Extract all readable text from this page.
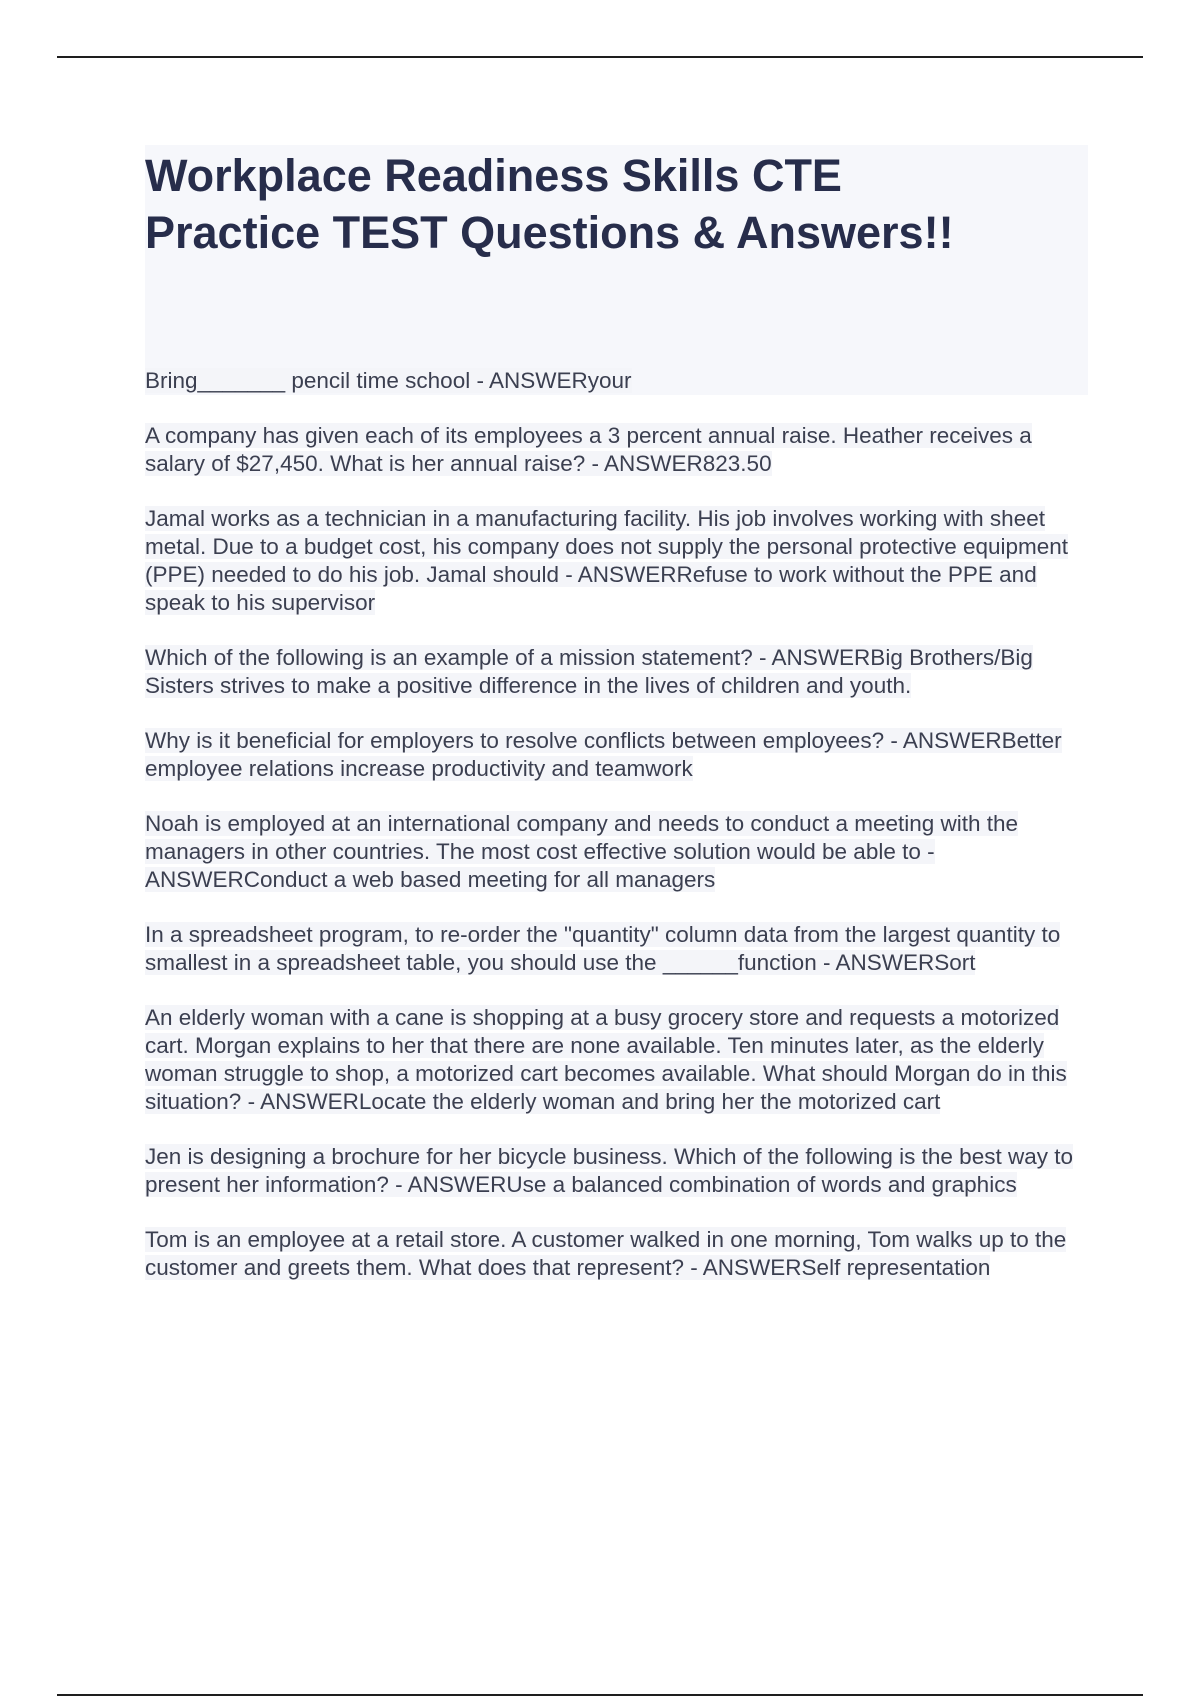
Workplace Readiness Skills CTE
Practice TEST Questions & Answers!!

Bring_______ pencil time school - ANSWERyour

A company has given each of its employees a 3 percent annual raise. Heather receives a salary of $27,450. What is her annual raise? - ANSWER823.50

Jamal works as a technician in a manufacturing facility. His job involves working with sheet metal. Due to a budget cost, his company does not supply the personal protective equipment (PPE) needed to do his job. Jamal should - ANSWERRefuse to work without the PPE and speak to his supervisor

Which of the following is an example of a mission statement? - ANSWERBig Brothers/Big Sisters strives to make a positive difference in the lives of children and youth.

Why is it beneficial for employers to resolve conflicts between employees? - ANSWERBetter employee relations increase productivity and teamwork

Noah is employed at an international company and needs to conduct a meeting with the managers in other countries. The most cost effective solution would be able to - ANSWERConduct a web based meeting for all managers

In a spreadsheet program, to re-order the "quantity" column data from the largest quantity to smallest in a spreadsheet table, you should use the ______function - ANSWERSort

An elderly woman with a cane is shopping at a busy grocery store and requests a motorized cart. Morgan explains to her that there are none available. Ten minutes later, as the elderly woman struggle to shop, a motorized cart becomes available. What should Morgan do in this situation? - ANSWERLocate the elderly woman and bring her the motorized cart

Jen is designing a brochure for her bicycle business. Which of the following is the best way to present her information? - ANSWERUse a balanced combination of words and graphics

Tom is an employee at a retail store. A customer walked in one morning, Tom walks up to the customer and greets them. What does that represent? - ANSWERSelf representation
